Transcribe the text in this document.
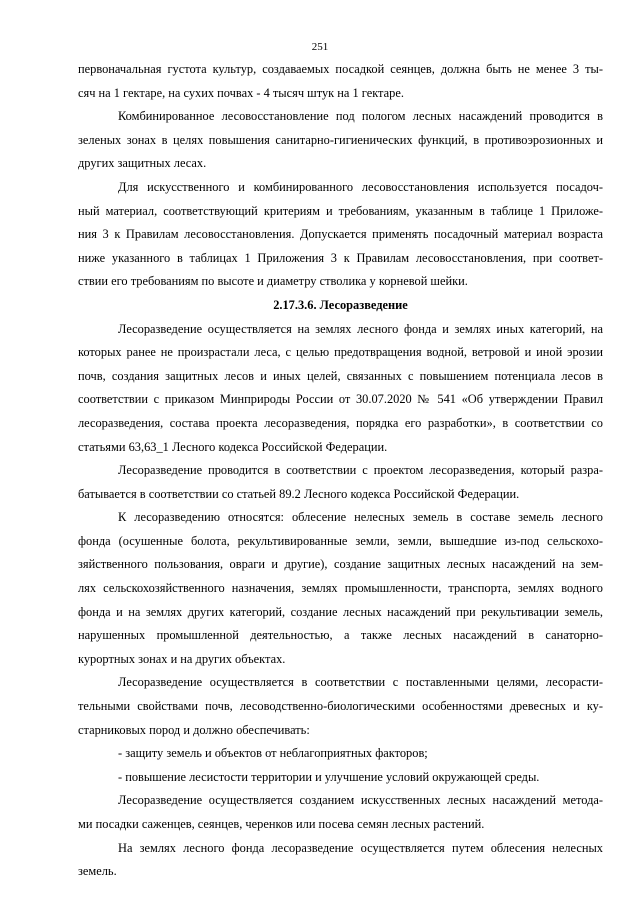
251
первоначальная густота культур, создаваемых посадкой сеянцев, должна быть не менее 3 ты-
сяч на 1 гектаре, на сухих почвах - 4 тысяч штук на 1 гектаре.
Комбинированное лесовосстановление под пологом лесных насаждений проводится в
зеленых зонах в целях повышения санитарно-гигиенических функций, в противоэрозионных и
других защитных лесах.
Для искусственного и комбинированного лесовосстановления используется посадоч-
ный материал, соответствующий критериям и требованиям, указанным в таблице 1 Приложе-
ния 3 к Правилам лесовосстановления. Допускается применять посадочный материал возраста
ниже указанного в таблицах 1 Приложения 3 к Правилам лесовосстановления, при соответ-
ствии его требованиям по высоте и диаметру стволика у корневой шейки.
2.17.3.6. Лесоразведение
Лесоразведение осуществляется на землях лесного фонда и землях иных категорий, на
которых ранее не произрастали леса, с целью предотвращения водной, ветровой и иной эрозии
почв, создания защитных лесов и иных целей, связанных с повышением потенциала лесов в
соответствии с приказом Минприроды России от 30.07.2020 № 541 «Об утверждении Правил
лесоразведения, состава проекта лесоразведения, порядка его разработки», в соответствии со
статьями 63,63_1 Лесного кодекса Российской Федерации.
Лесоразведение проводится в соответствии с проектом лесоразведения, который разра-
батывается в соответствии со статьей 89.2 Лесного кодекса Российской Федерации.
К лесоразведению относятся: облесение нелесных земель в составе земель лесного
фонда (осушенные болота, рекультивированные земли, земли, вышедшие из-под сельскохо-
зяйственного пользования, овраги и другие), создание защитных лесных насаждений на зем-
лях сельскохозяйственного назначения, землях промышленности, транспорта, землях водного
фонда и на землях других категорий, создание лесных насаждений при рекультивации земель,
нарушенных промышленной деятельностью, а также лесных насаждений в санаторно-
курортных зонах и на других объектах.
Лесоразведение осуществляется в соответствии с поставленными целями, лесорасти-
тельными свойствами почв, лесоводственно-биологическими особенностями древесных и ку-
старниковых пород и должно обеспечивать:
- защиту земель и объектов от неблагоприятных факторов;
- повышение лесистости территории и улучшение условий окружающей среды.
Лесоразведение осуществляется созданием искусственных лесных насаждений методa-
ми посадки саженцев, сеянцев, черенков или посева семян лесных растений.
На землях лесного фонда лесоразведение осуществляется путем облесения нелесных
земель.
